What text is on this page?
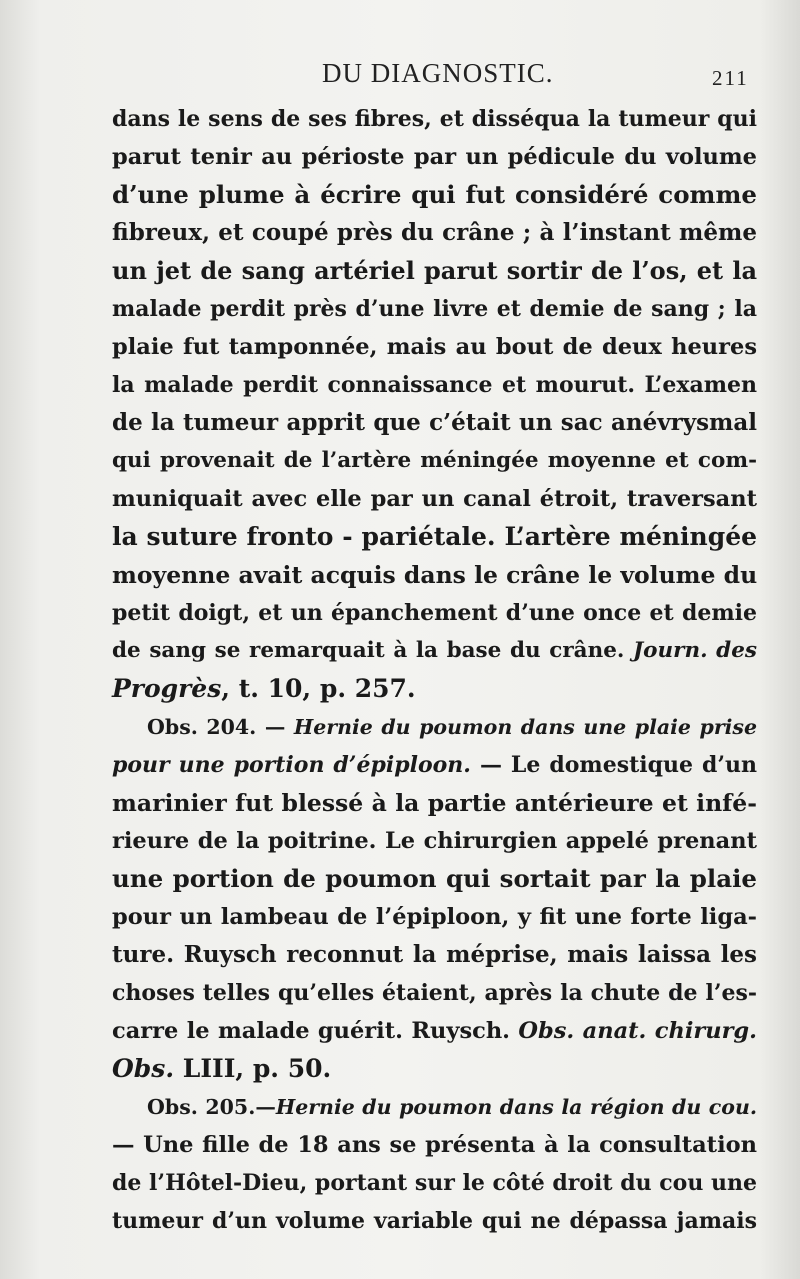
DU DIAGNOSTIC.	211
dans le sens de ses fibres, et disséqua la tumeur qui
parut tenir au périoste par un pédicule du volume
d’une plume à écrire qui fut considéré comme
fibreux, et coupé près du crâne ; à l’instant même
un jet de sang artériel parut sortir de l’os, et la
malade perdit près d’une livre et demie de sang ; la
plaie fut tamponnée, mais au bout de deux heures
la malade perdit connaissance et mourut. L’examen
de la tumeur apprit que c’était un sac anévrysmal
qui provenait de l’artère méningée moyenne et com-
muniquait avec elle par un canal étroit, traversant
la suture fronto - pariétale. L’artère méningée
moyenne avait acquis dans le crâne le volume du
petit doigt, et un épanchement d’une once et demie
de sang se remarquait à la base du crâne. Journ. des
Progrès, t. 10, p. 257.
Obs. 204. — Hernie du poumon dans une plaie prise
pour une portion d’épiploon. — Le domestique d’un
marinier fut blessé à la partie antérieure et infé-
rieure de la poitrine. Le chirurgien appelé prenant
une portion de poumon qui sortait par la plaie
pour un lambeau de l’épiploon, y fit une forte liga-
ture. Ruysch reconnut la méprise, mais laissa les
choses telles qu’elles étaient, après la chute de l’es-
carre le malade guérit. Ruysch. Obs. anat. chirurg.
Obs. LIII, p. 50.
Obs. 205.—Hernie du poumon dans la région du cou.
— Une fille de 18 ans se présenta à la consultation
de l’Hôtel-Dieu, portant sur le côté droit du cou une
tumeur d’un volume variable qui ne dépassa jamais
